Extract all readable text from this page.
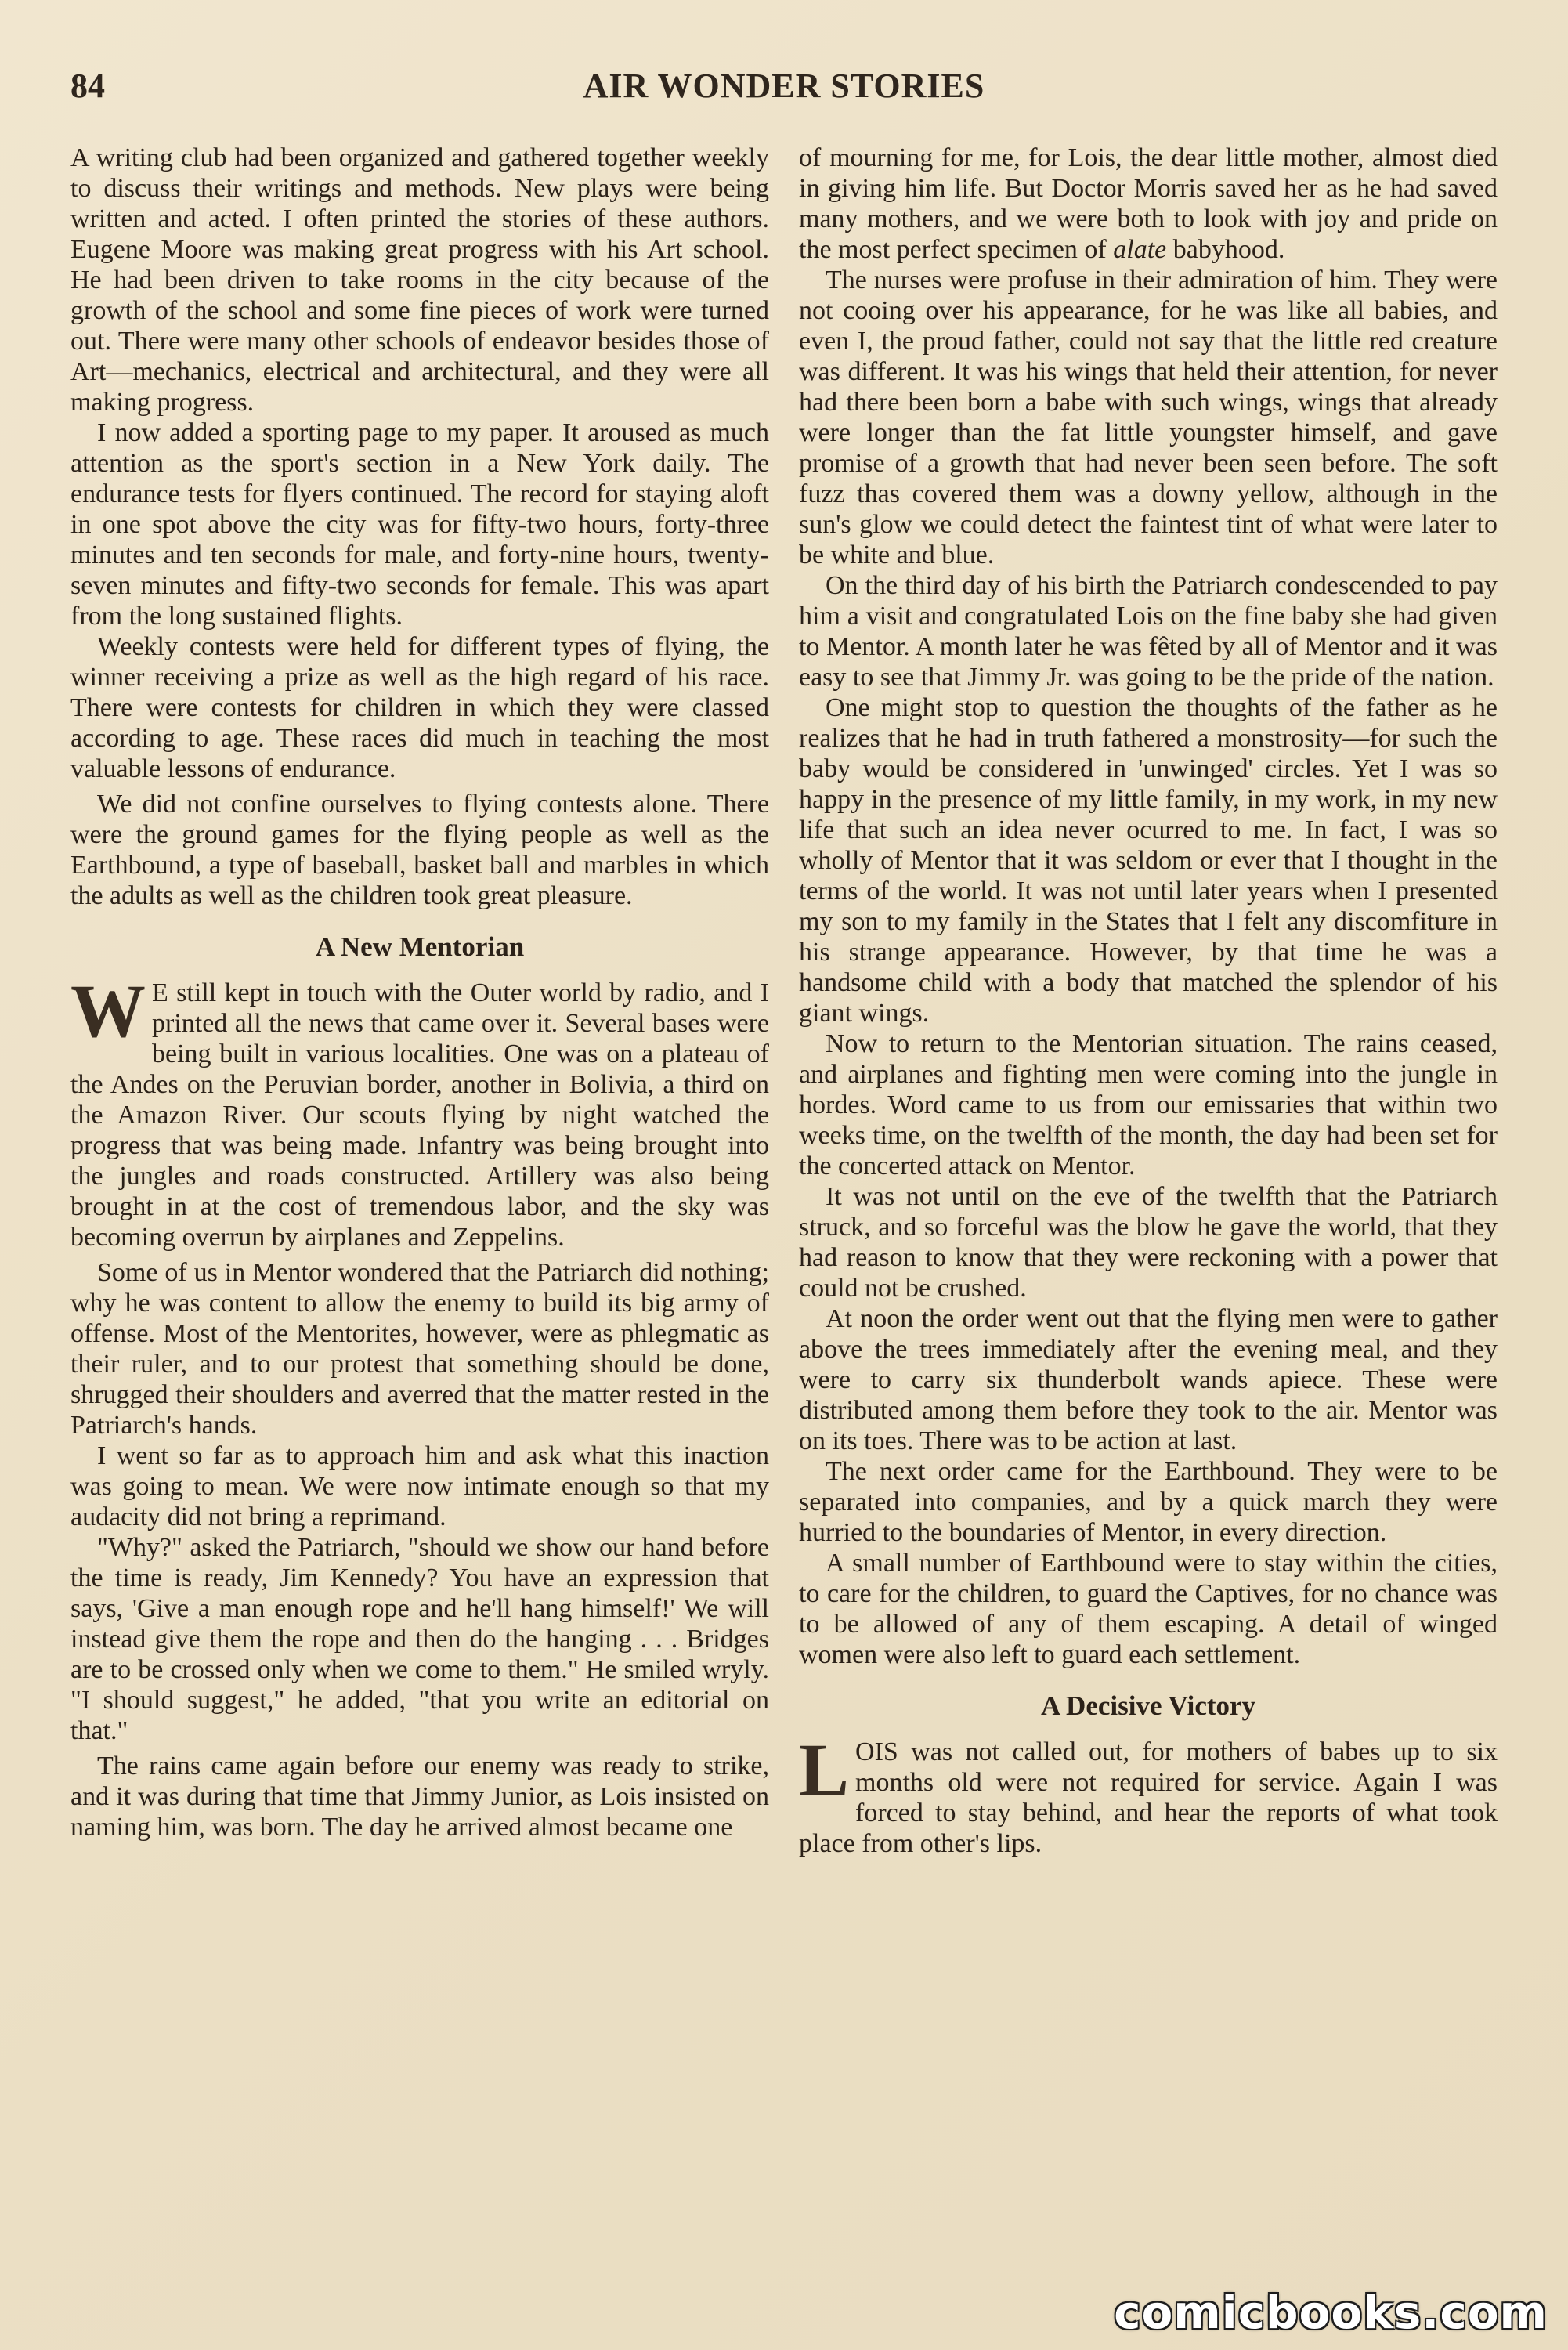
84	AIR WONDER STORIES

A writing club had been organized and gathered together weekly to discuss their writings and methods. New plays were being written and acted. I often printed the stories of these authors. Eugene Moore was making great progress with his Art school. He had been driven to take rooms in the city because of the growth of the school and some fine pieces of work were turned out. There were many other schools of endeavor besides those of Art—mechanics, electrical and architectural, and they were all making progress.

I now added a sporting page to my paper. It aroused as much attention as the sport's section in a New York daily. The endurance tests for flyers continued. The record for staying aloft in one spot above the city was for fifty-two hours, forty-three minutes and ten seconds for male, and forty-nine hours, twenty-seven minutes and fifty-two seconds for female. This was apart from the long sustained flights.

Weekly contests were held for different types of flying, the winner receiving a prize as well as the high regard of his race. There were contests for children in which they were classed according to age. These races did much in teaching the most valuable lessons of endurance.

We did not confine ourselves to flying contests alone. There were the ground games for the flying people as well as the Earthbound, a type of baseball, basket ball and marbles in which the adults as well as the children took great pleasure.

A New Mentorian

W E still kept in touch with the Outer world by radio, and I printed all the news that came over it. Several bases were being built in various localities. One was on a plateau of the Andes on the Peruvian border, another in Bolivia, a third on the Amazon River. Our scouts flying by night watched the progress that was being made. Infantry was being brought into the jungles and roads constructed. Artillery was also being brought in at the cost of tremendous labor, and the sky was becoming overrun by airplanes and Zeppelins.

Some of us in Mentor wondered that the Patriarch did nothing; why he was content to allow the enemy to build its big army of offense. Most of the Mentorites, however, were as phlegmatic as their ruler, and to our protest that something should be done, shrugged their shoulders and averred that the matter rested in the Patriarch's hands.

I went so far as to approach him and ask what this inaction was going to mean. We were now intimate enough so that my audacity did not bring a reprimand.

"Why?" asked the Patriarch, "should we show our hand before the time is ready, Jim Kennedy? You have an expression that says, 'Give a man enough rope and he'll hang himself!' We will instead give them the rope and then do the hanging . . . Bridges are to be crossed only when we come to them." He smiled wryly. "I should suggest," he added, "that you write an editorial on that."

The rains came again before our enemy was ready to strike, and it was during that time that Jimmy Junior, as Lois insisted on naming him, was born. The day he arrived almost became one

of mourning for me, for Lois, the dear little mother, almost died in giving him life. But Doctor Morris saved her as he had saved many mothers, and we were both to look with joy and pride on the most perfect specimen of alate babyhood.

The nurses were profuse in their admiration of him. They were not cooing over his appearance, for he was like all babies, and even I, the proud father, could not say that the little red creature was different. It was his wings that held their attention, for never had there been born a babe with such wings, wings that already were longer than the fat little youngster himself, and gave promise of a growth that had never been seen before. The soft fuzz thas covered them was a downy yellow, although in the sun's glow we could detect the faintest tint of what were later to be white and blue.

On the third day of his birth the Patriarch condescended to pay him a visit and congratulated Lois on the fine baby she had given to Mentor. A month later he was fêted by all of Mentor and it was easy to see that Jimmy Jr. was going to be the pride of the nation.

One might stop to question the thoughts of the father as he realizes that he had in truth fathered a monstrosity—for such the baby would be considered in 'unwinged' circles. Yet I was so happy in the presence of my little family, in my work, in my new life that such an idea never ocurred to me. In fact, I was so wholly of Mentor that it was seldom or ever that I thought in the terms of the world. It was not until later years when I presented my son to my family in the States that I felt any discomfiture in his strange appearance. However, by that time he was a handsome child with a body that matched the splendor of his giant wings.

Now to return to the Mentorian situation. The rains ceased, and airplanes and fighting men were coming into the jungle in hordes. Word came to us from our emissaries that within two weeks time, on the twelfth of the month, the day had been set for the concerted attack on Mentor.

It was not until on the eve of the twelfth that the Patriarch struck, and so forceful was the blow he gave the world, that they had reason to know that they were reckoning with a power that could not be crushed.

At noon the order went out that the flying men were to gather above the trees immediately after the evening meal, and they were to carry six thunderbolt wands apiece. These were distributed among them before they took to the air. Mentor was on its toes. There was to be action at last.

The next order came for the Earthbound. They were to be separated into companies, and by a quick march they were hurried to the boundaries of Mentor, in every direction.

A small number of Earthbound were to stay within the cities, to care for the children, to guard the Captives, for no chance was to be allowed of any of them escaping. A detail of winged women were also left to guard each settlement.

A Decisive Victory

LOIS was not called out, for mothers of babes up to six months old were not required for service. Again I was forced to stay behind, and hear the reports of what took place from other's lips.

comicbooks.com
